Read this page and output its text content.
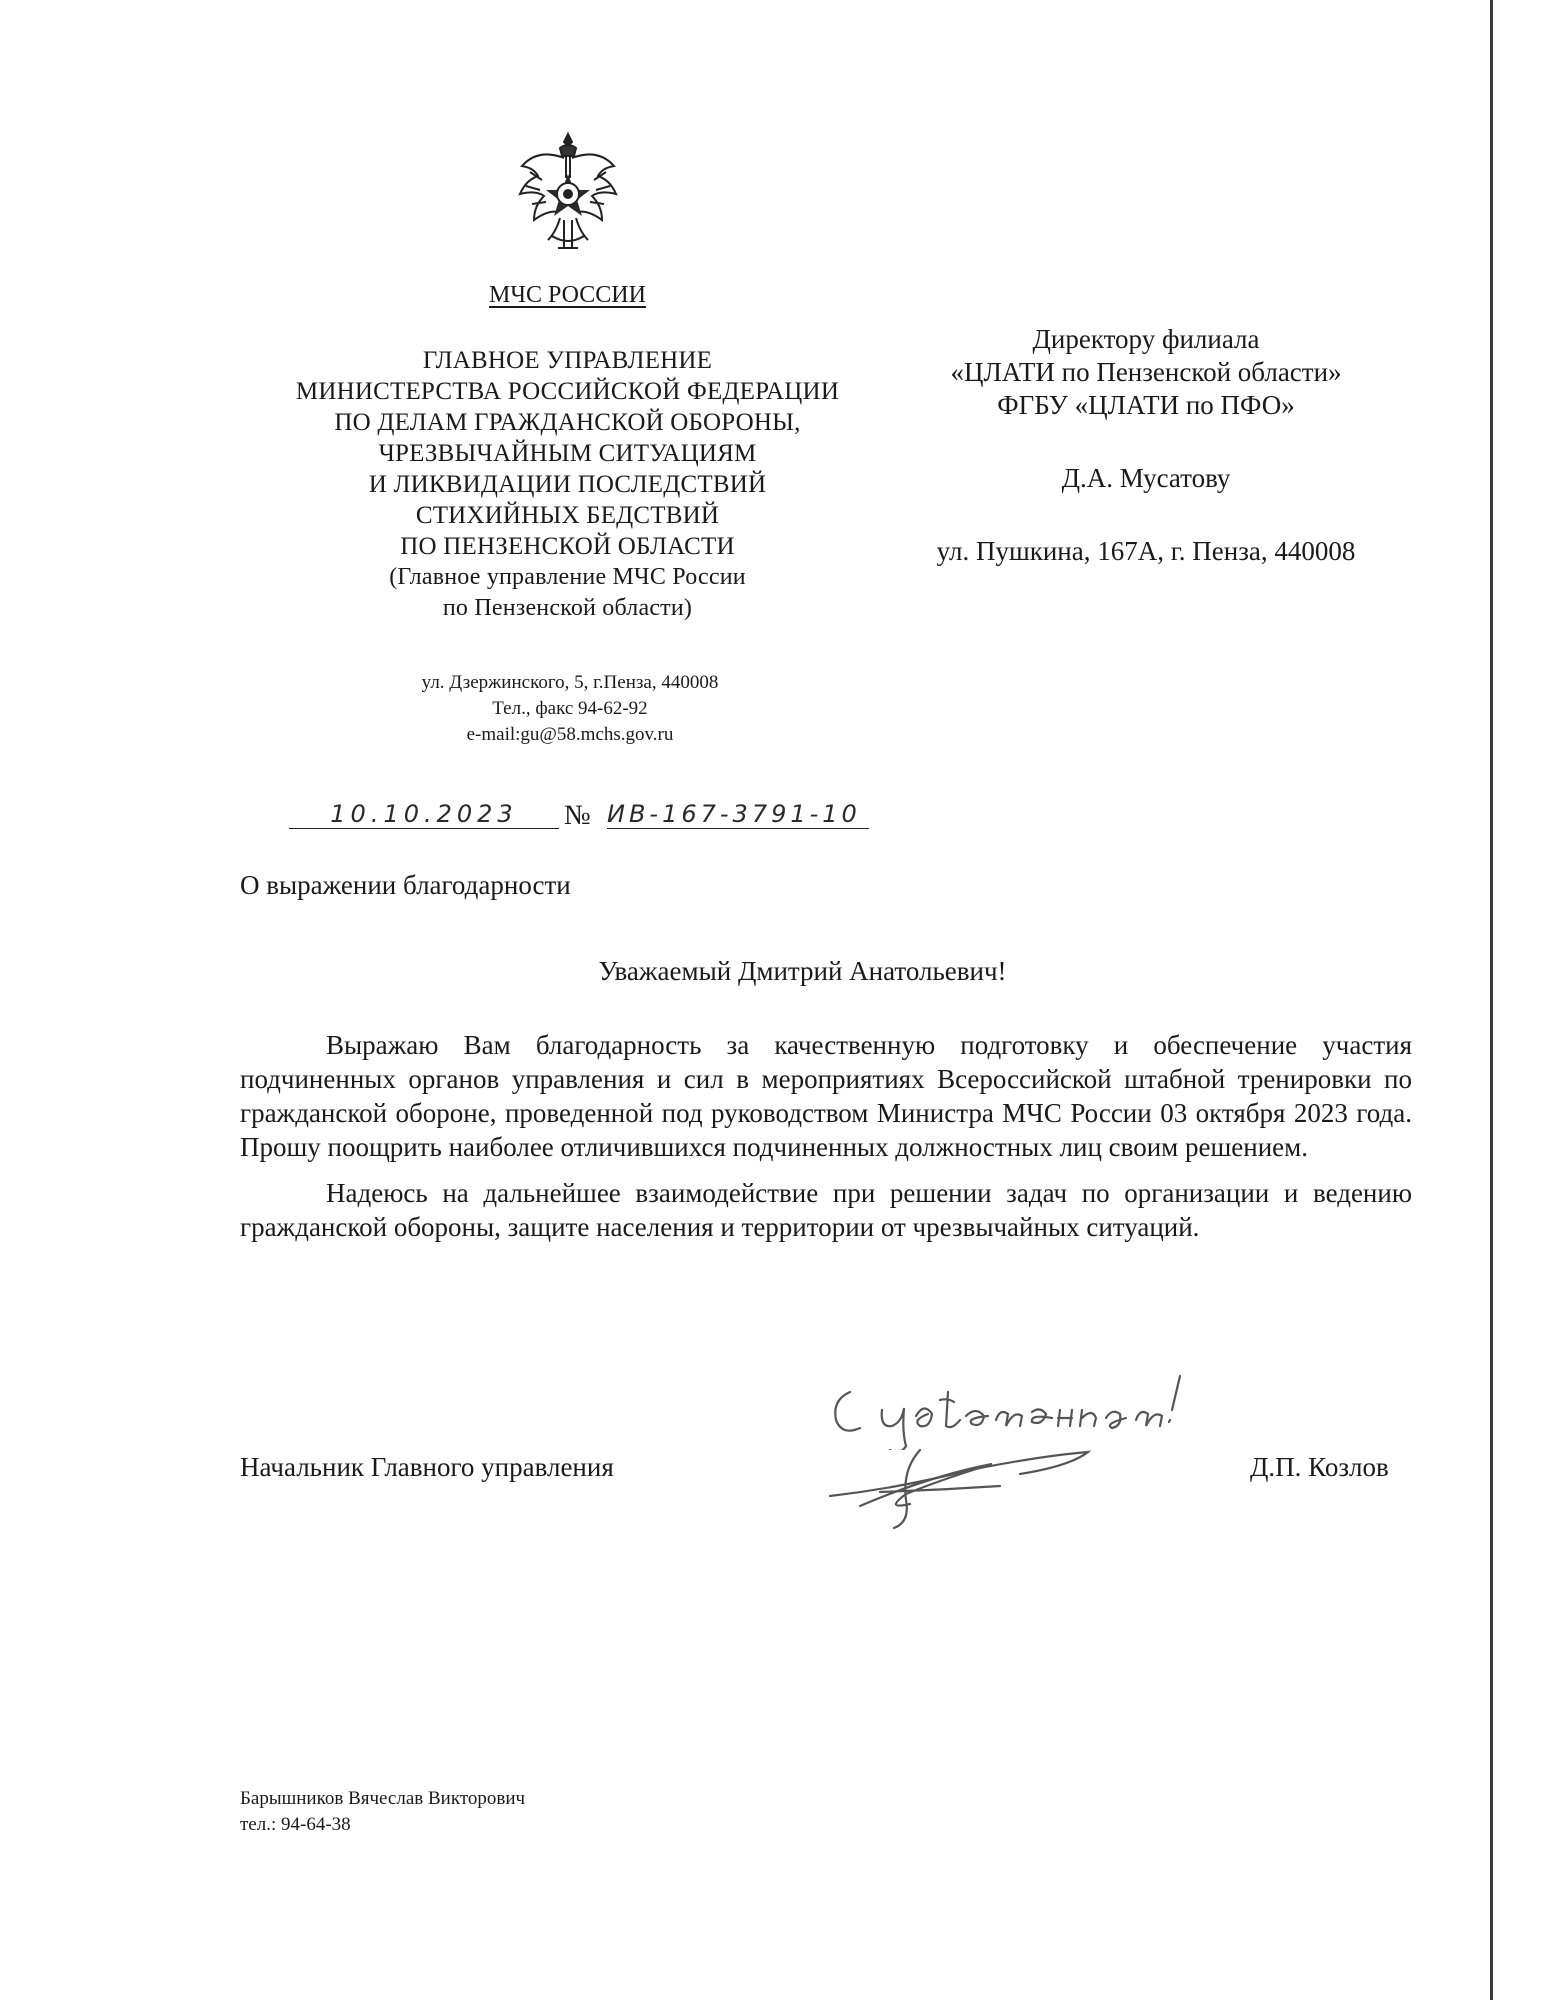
МЧС РОССИИ
ГЛАВНОЕ УПРАВЛЕНИЕ
МИНИСТЕРСТВА РОССИЙСКОЙ ФЕДЕРАЦИИ
ПО ДЕЛАМ ГРАЖДАНСКОЙ ОБОРОНЫ,
ЧРЕЗВЫЧАЙНЫМ СИТУАЦИЯМ
И ЛИКВИДАЦИИ ПОСЛЕДСТВИЙ
СТИХИЙНЫХ БЕДСТВИЙ
ПО ПЕНЗЕНСКОЙ ОБЛАСТИ
(Главное управление МЧС России
по Пензенской области)
ул. Дзержинского, 5, г.Пенза, 440008
Тел., факс 94-62-92
e-mail:gu@58.mchs.gov.ru
Директору филиала
«ЦЛАТИ по Пензенской области»
ФГБУ «ЦЛАТИ по ПФО»
Д.А. Мусатову
ул. Пушкина, 167А, г. Пенза, 440008
10.10.2023	№ ИВ-167-3791-10
О выражении благодарности
Уважаемый Дмитрий Анатольевич!

Выражаю Вам благодарность за качественную подготовку и обеспечение участия подчиненных органов управления и сил в мероприятиях Всероссийской штабной тренировки по гражданской обороне, проведенной под руководством Министра МЧС России 03 октября 2023 года. Прошу поощрить наиболее отличившихся подчиненных должностных лиц своим решением.

Надеюсь на дальнейшее взаимодействие при решении задач по организации и ведению гражданской обороны, защите населения и территории от чрезвычайных ситуаций.

Начальник Главного управления	Д.П. Козлов
Барышников Вячеслав Викторович
тел.: 94-64-38
